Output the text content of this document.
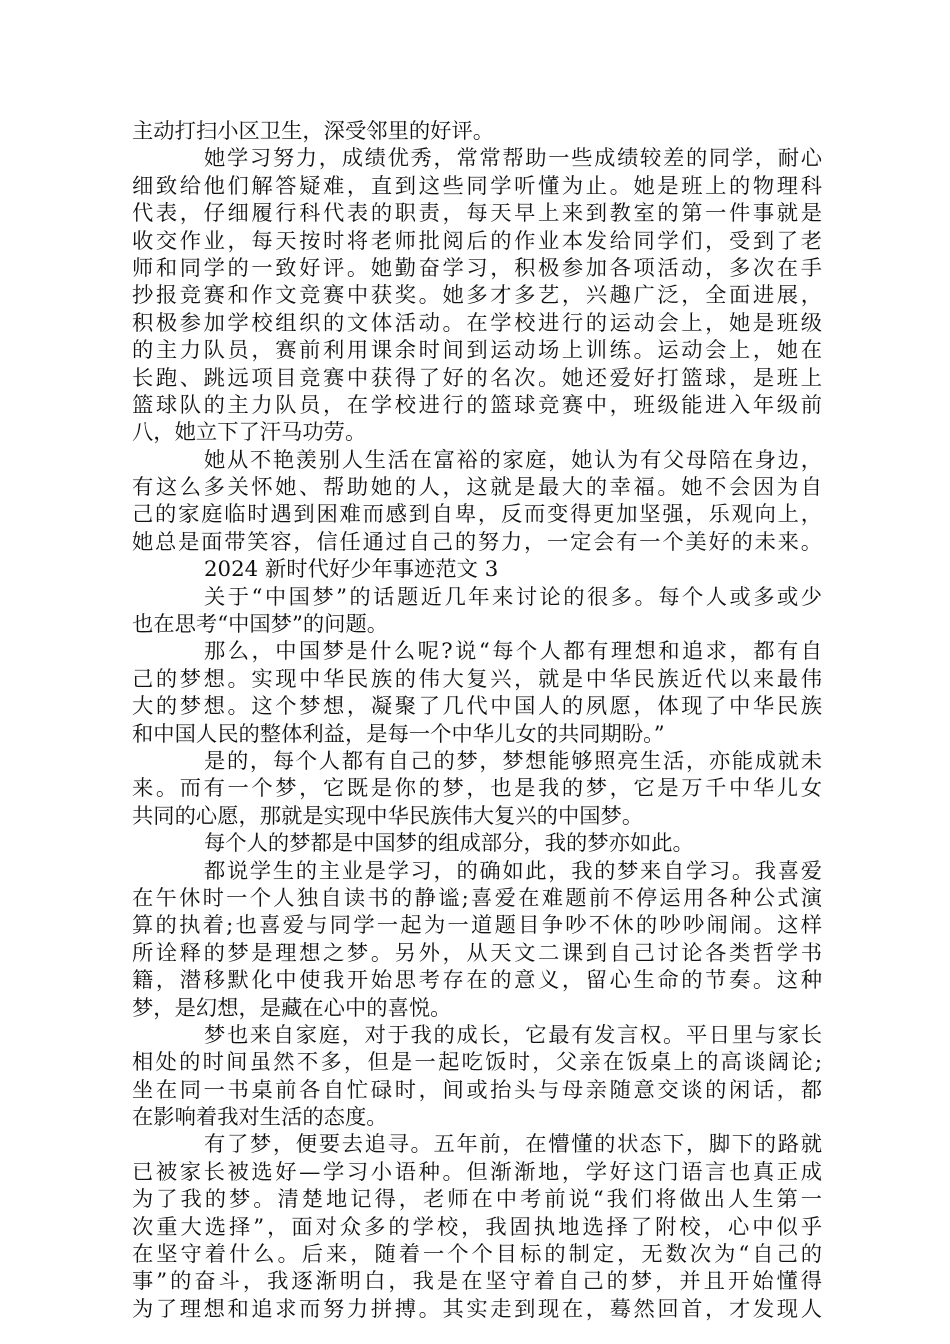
主动打扫小区卫生，深受邻里的好评。
她学习努力，成绩优秀，常常帮助一些成绩较差的同学，耐心
细致给他们解答疑难，直到这些同学听懂为止。她是班上的物理科
代表，仔细履行科代表的职责，每天早上来到教室的第一件事就是
收交作业，每天按时将老师批阅后的作业本发给同学们，受到了老
师和同学的一致好评。她勤奋学习，积极参加各项活动，多次在手
抄报竞赛和作文竞赛中获奖。她多才多艺，兴趣广泛，全面进展，
积极参加学校组织的文体活动。在学校进行的运动会上，她是班级
的主力队员，赛前利用课余时间到运动场上训练。运动会上，她在
长跑、跳远项目竞赛中获得了好的名次。她还爱好打篮球，是班上
篮球队的主力队员，在学校进行的篮球竞赛中，班级能进入年级前
八，她立下了汗马功劳。
她从不艳羡别人生活在富裕的家庭，她认为有父母陪在身边，
有这么多关怀她、帮助她的人，这就是最大的幸福。她不会因为自
己的家庭临时遇到困难而感到自卑，反而变得更加坚强，乐观向上，
她总是面带笑容，信任通过自己的努力，一定会有一个美好的未来。
2024 新时代好少年事迹范文 3
关于“中国梦”的话题近几年来讨论的很多。每个人或多或少
也在思考“中国梦”的问题。
那么，中国梦是什么呢?说“每个人都有理想和追求，都有自
己的梦想。实现中华民族的伟大复兴，就是中华民族近代以来最伟
大的梦想。这个梦想，凝聚了几代中国人的夙愿，体现了中华民族
和中国人民的整体利益，是每一个中华儿女的共同期盼。”
是的，每个人都有自己的梦，梦想能够照亮生活，亦能成就未
来。而有一个梦，它既是你的梦，也是我的梦，它是万千中华儿女
共同的心愿，那就是实现中华民族伟大复兴的中国梦。
每个人的梦都是中国梦的组成部分，我的梦亦如此。
都说学生的主业是学习，的确如此，我的梦来自学习。我喜爱
在午休时一个人独自读书的静谧;喜爱在难题前不停运用各种公式演
算的执着;也喜爱与同学一起为一道题目争吵不休的吵吵闹闹。这样
所诠释的梦是理想之梦。另外，从天文二课到自己讨论各类哲学书
籍，潜移默化中使我开始思考存在的意义，留心生命的节奏。这种
梦，是幻想，是藏在心中的喜悦。
梦也来自家庭，对于我的成长，它最有发言权。平日里与家长
相处的时间虽然不多，但是一起吃饭时，父亲在饭桌上的高谈阔论;
坐在同一书桌前各自忙碌时，间或抬头与母亲随意交谈的闲话，都
在影响着我对生活的态度。
有了梦，便要去追寻。五年前，在懵懂的状态下，脚下的路就
已被家长被选好—学习小语种。但渐渐地，学好这门语言也真正成
为了我的梦。清楚地记得，老师在中考前说“我们将做出人生第一
次重大选择”，面对众多的学校，我固执地选择了附校，心中似乎
在坚守着什么。后来，随着一个个目标的制定，无数次为“自己的
事”的奋斗，我逐渐明白，我是在坚守着自己的梦，并且开始懂得
为了理想和追求而努力拼搏。其实走到现在，蓦然回首，才发现人
